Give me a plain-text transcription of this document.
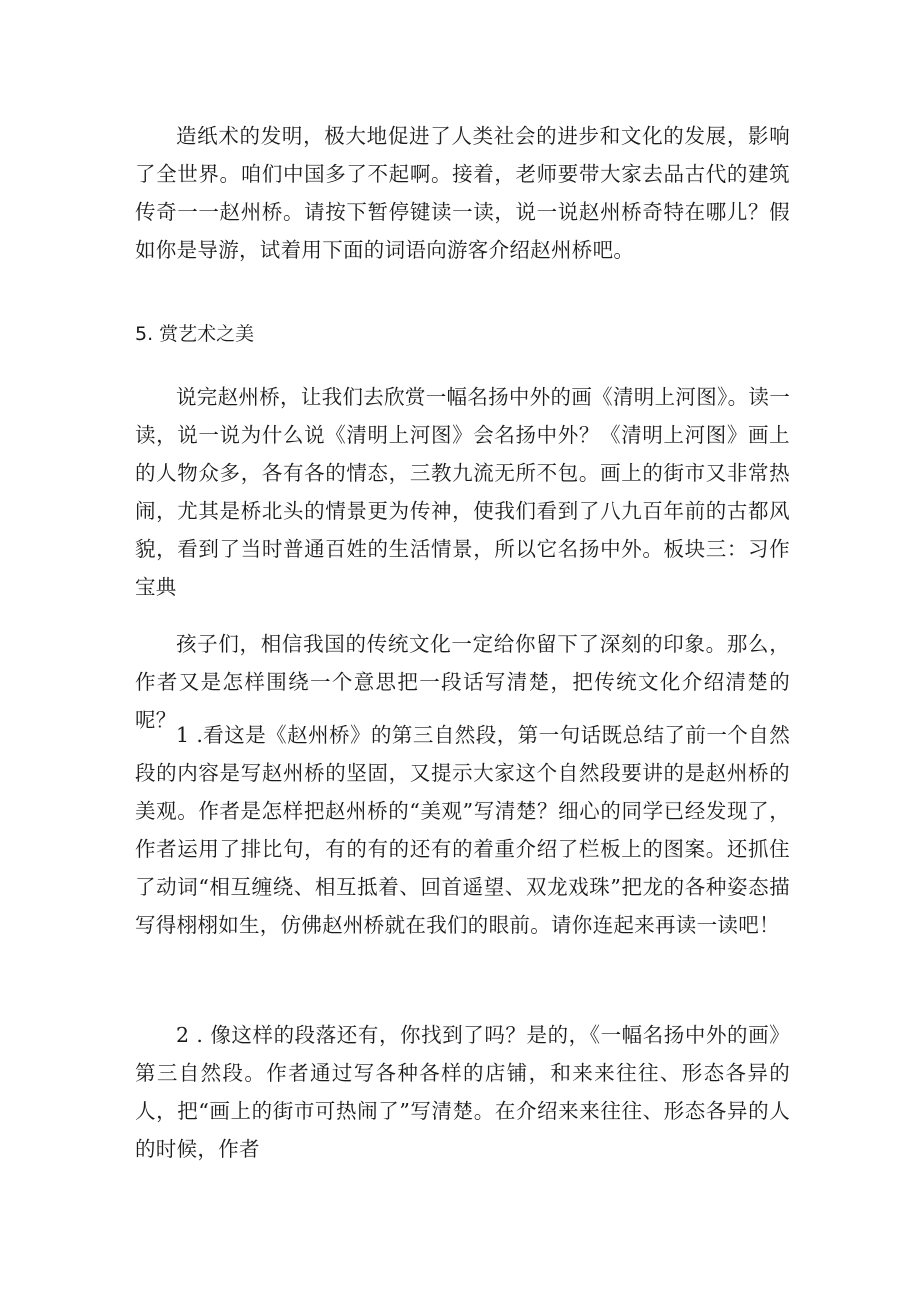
造纸术的发明，极大地促进了人类社会的进步和文化的发展，影响了全世界。咱们中国多了不起啊。接着，老师要带大家去品古代的建筑传奇一一赵州桥。请按下暂停键读一读，说一说赵州桥奇特在哪儿？假如你是导游，试着用下面的词语向游客介绍赵州桥吧。

5. 赏艺术之美

说完赵州桥，让我们去欣赏一幅名扬中外的画《清明上河图》。读一读，说一说为什么说《清明上河图》会名扬中外？《清明上河图》画上的人物众多，各有各的情态，三教九流无所不包。画上的街市又非常热闹，尤其是桥北头的情景更为传神，使我们看到了八九百年前的古都风貌，看到了当时普通百姓的生活情景，所以它名扬中外。板块三：习作宝典

孩子们，相信我国的传统文化一定给你留下了深刻的印象。那么，作者又是怎样围绕一个意思把一段话写清楚，把传统文化介绍清楚的呢？

1 .看这是《赵州桥》的第三自然段，第一句话既总结了前一个自然段的内容是写赵州桥的坚固，又提示大家这个自然段要讲的是赵州桥的美观。作者是怎样把赵州桥的“美观”写清楚？细心的同学已经发现了，作者运用了排比句，有的有的还有的着重介绍了栏板上的图案。还抓住了动词“相互缠绕、相互抵着、回首遥望、双龙戏珠”把龙的各种姿态描写得栩栩如生，仿佛赵州桥就在我们的眼前。请你连起来再读一读吧！

2 . 像这样的段落还有，你找到了吗？是的，《一幅名扬中外的画》第三自然段。作者通过写各种各样的店铺，和来来往往、形态各异的人，把“画上的街市可热闹了”写清楚。在介绍来来往往、形态各异的人的时候，作者
